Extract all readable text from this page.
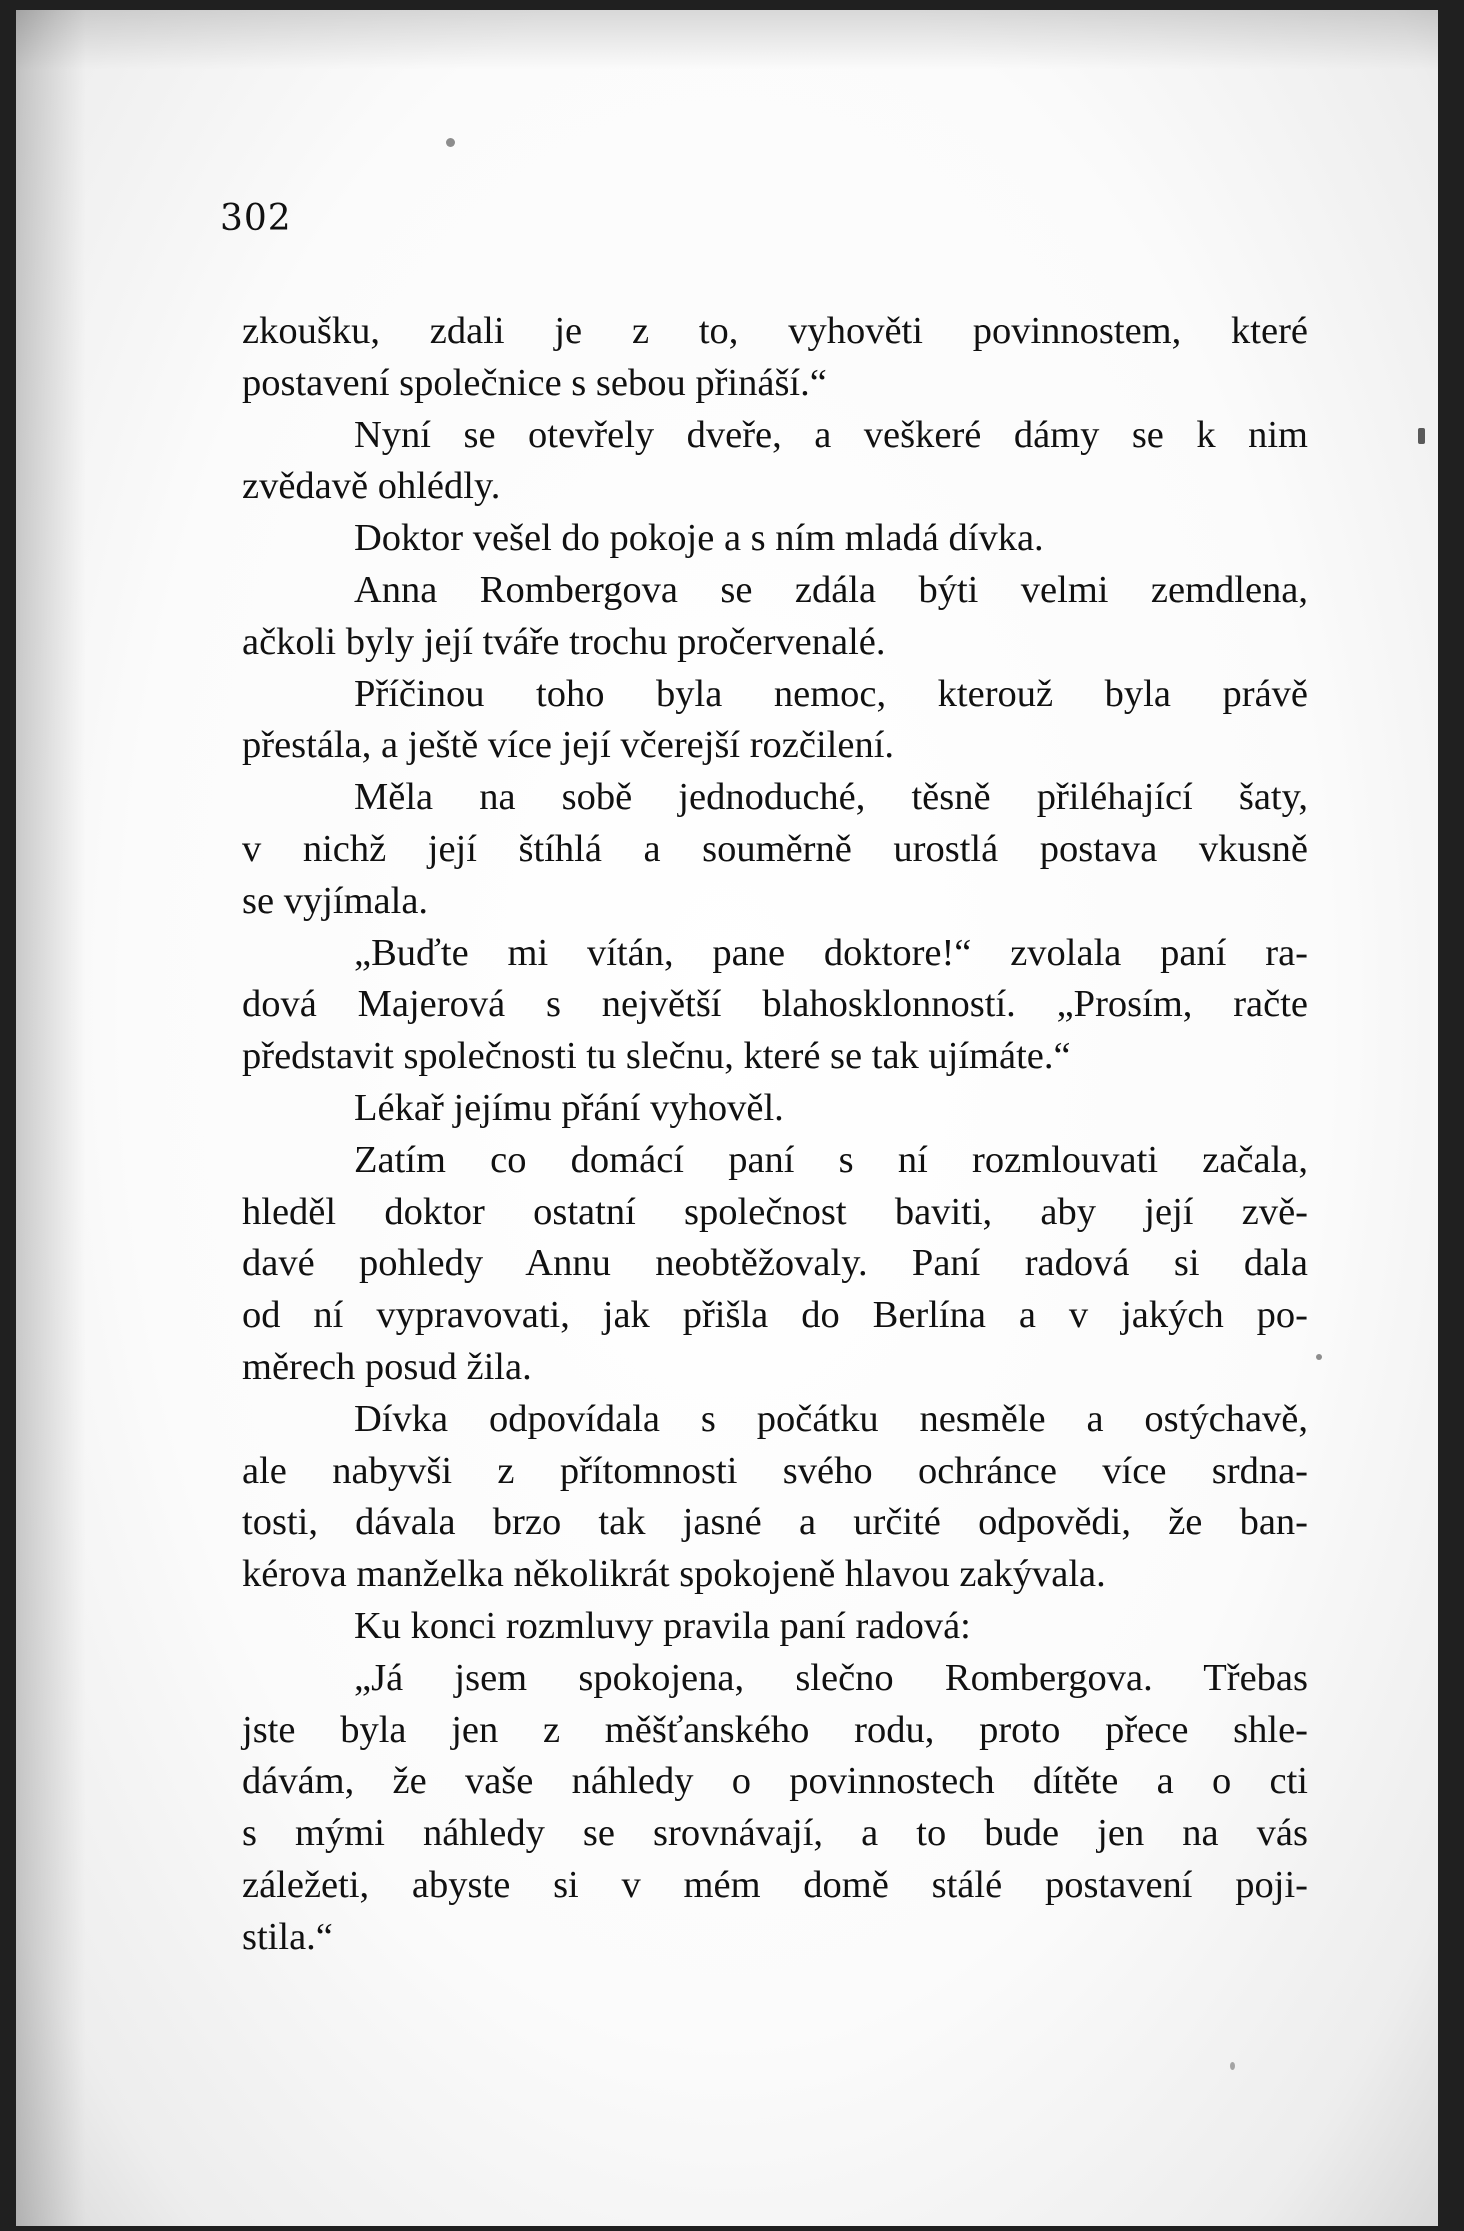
302
zkoušku, zdali je z to, vyhověti povinnostem, které
postavení společnice s sebou přináší.“
Nyní se otevřely dveře, a veškeré dámy se k nim
zvědavě ohlédly.
Doktor vešel do pokoje a s ním mladá dívka.
Anna Rombergova se zdála býti velmi zemdlena,
ačkoli byly její tváře trochu pročervenalé.
Příčinou toho byla nemoc, kterouž byla právě
přestála, a ještě více její včerejší rozčilení.
Měla na sobě jednoduché, těsně přiléhající šaty,
v nichž její štíhlá a souměrně urostlá postava vkusně
se vyjímala.
„Buďte mi vítán, pane doktore!“ zvolala paní ra-
dová Majerová s největší blahosklonností. „Prosím, račte
představit společnosti tu slečnu, které se tak ujímáte.“
Lékař jejímu přání vyhověl.
Zatím co domácí paní s ní rozmlouvati začala,
hleděl doktor ostatní společnost baviti, aby její zvě-
davé pohledy Annu neobtěžovaly. Paní radová si dala
od ní vypravovati, jak přišla do Berlína a v jakých po-
měrech posud žila.
Dívka odpovídala s počátku nesměle a ostýchavě,
ale nabyvši z přítomnosti svého ochránce více srdna-
tosti, dávala brzo tak jasné a určité odpovědi, že ban-
kérova manželka několikrát spokojeně hlavou zakývala.
Ku konci rozmluvy pravila paní radová:
„Já jsem spokojena, slečno Rombergova. Třebas
jste byla jen z měšťanského rodu, proto přece shle-
dávám, že vaše náhledy o povinnostech dítěte a o cti
s mými náhledy se srovnávají, a to bude jen na vás
záležeti, abyste si v mém domě stálé postavení poji-
stila.“
